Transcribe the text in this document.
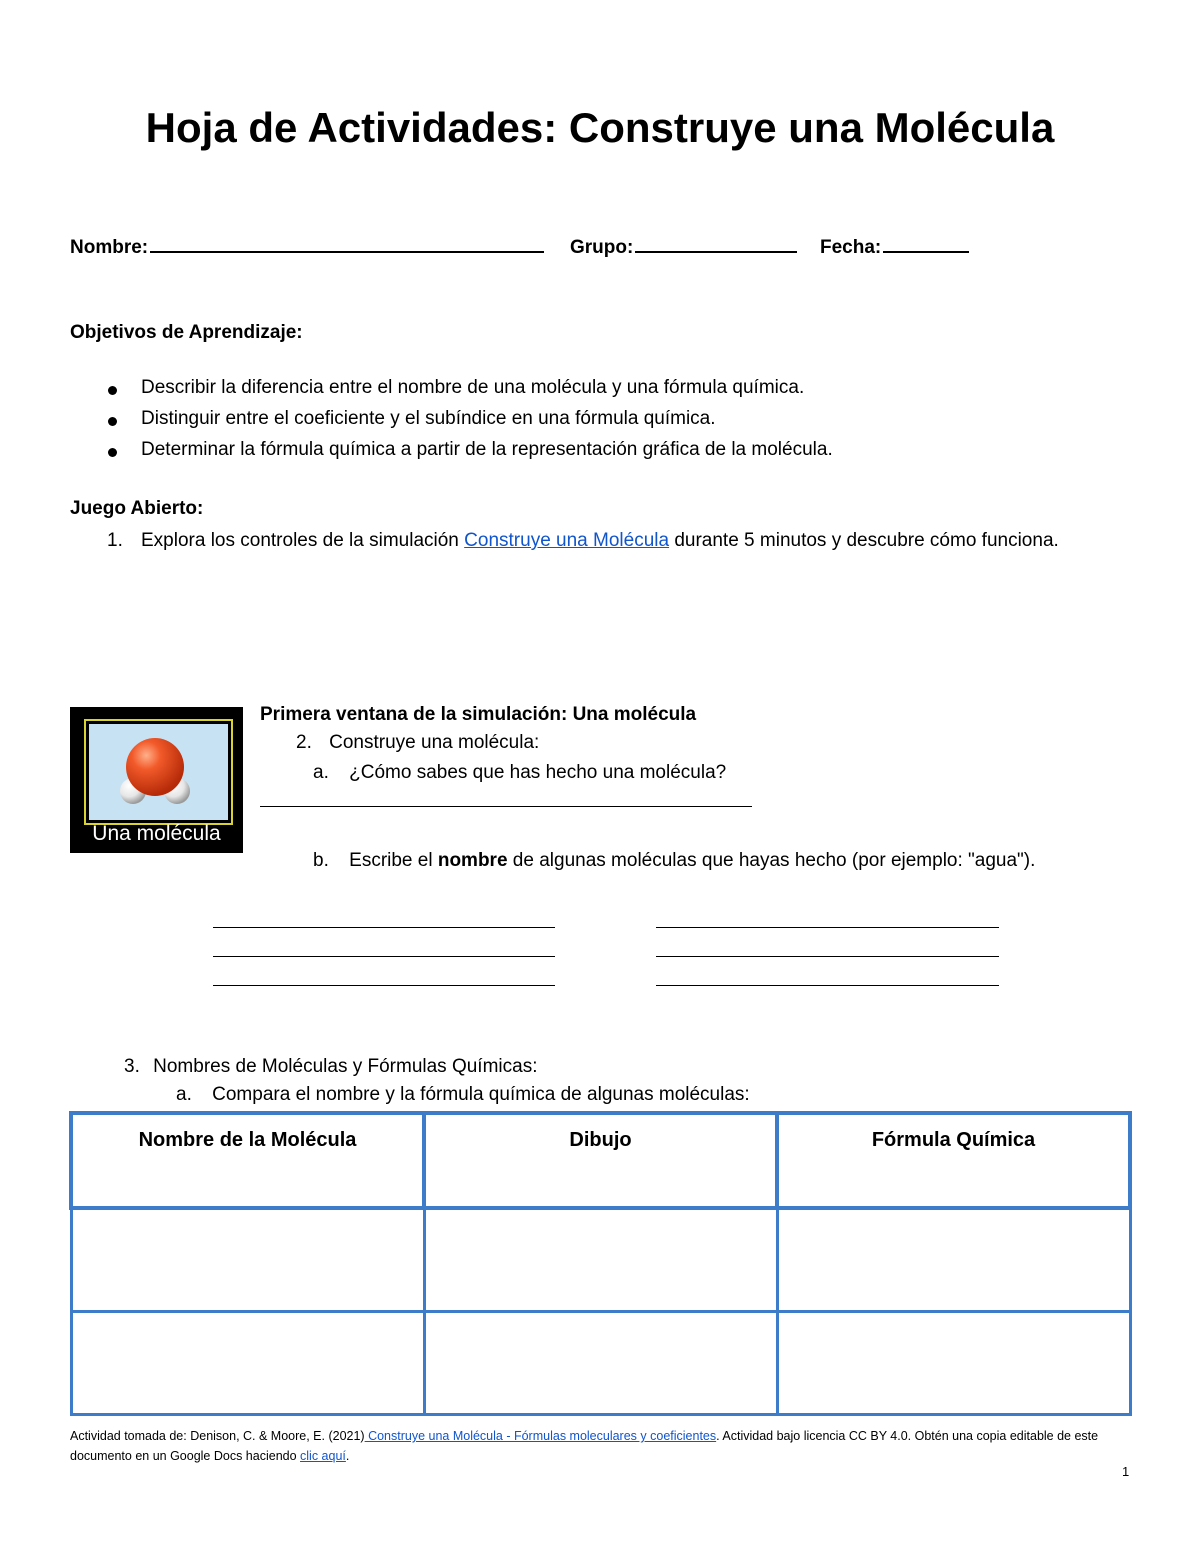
Hoja de Actividades: Construye una Molécula
Nombre:	Grupo:	Fecha:
Objetivos de Aprendizaje:
Describir la diferencia entre el nombre de una molécula y una fórmula química.
Distinguir entre el coeficiente y el subíndice en una fórmula química.
Determinar la fórmula química a partir de la representación gráfica de la molécula.
Juego Abierto:
1. Explora los controles de la simulación Construye una Molécula durante 5 minutos y descubre cómo funciona.
Una molécula
Primera ventana de la simulación: Una molécula
2. Construye una molécula:
a. ¿Cómo sabes que has hecho una molécula?
b. Escribe el nombre de algunas moléculas que hayas hecho (por ejemplo: "agua").
3. Nombres de Moléculas y Fórmulas Químicas:
a. Compara el nombre y la fórmula química de algunas moléculas:
Nombre de la Molécula	Dibujo	Fórmula Química

Actividad tomada de: Denison, C. & Moore, E. (2021) Construye una Molécula - Fórmulas moleculares y coeficientes. Actividad bajo licencia CC BY 4.0. Obtén una copia editable de este documento en un Google Docs haciendo clic aquí.
1
